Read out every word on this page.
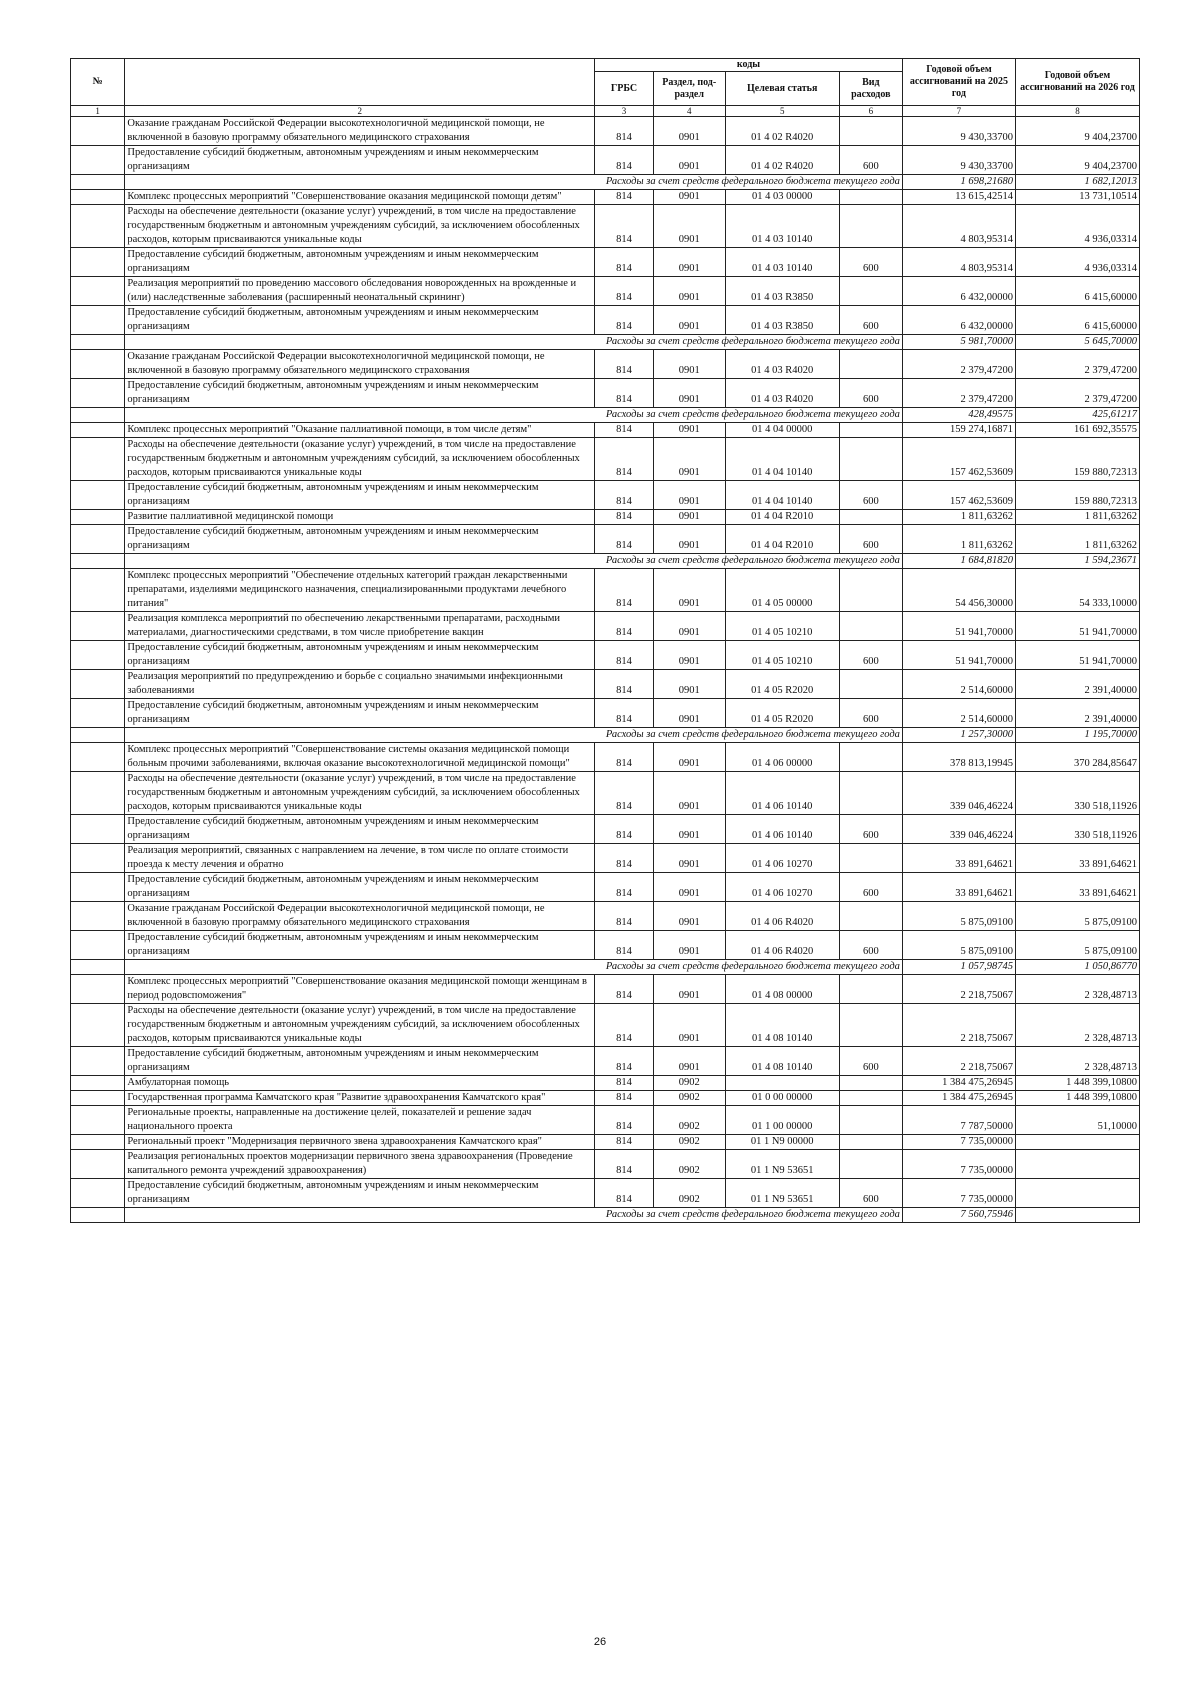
№		коды				Годовой объем ассигнований на 2025 год	Годовой объем ассигнований на 2026 год
		ГРБС	Раздел, под-раздел	Целевая статья	Вид расходов		
1	2	3	4	5	6	7	8
	Оказание гражданам Российской Федерации высокотехнологичной медицинской помощи, не включенной в базовую программу обязательного медицинского страхования	814	0901	01 4 02 R4020		9 430,33700	9 404,23700
	Предоставление субсидий бюджетным, автономным учреждениям и иным некоммерческим организациям	814	0901	01 4 02 R4020	600	9 430,33700	9 404,23700
	Расходы за счет средств федерального бюджета текущего года					1 698,21680	1 682,12013
	Комплекс процессных мероприятий "Совершенствование оказания медицинской помощи детям"	814	0901	01 4 03 00000		13 615,42514	13 731,10514
	Расходы на обеспечение деятельности (оказание услуг) учреждений, в том числе на предоставление государственным бюджетным и автономным учреждениям субсидий, за исключением обособленных расходов, которым присваиваются уникальные коды	814	0901	01 4 03 10140		4 803,95314	4 936,03314
	Предоставление субсидий бюджетным, автономным учреждениям и иным некоммерческим организациям	814	0901	01 4 03 10140	600	4 803,95314	4 936,03314
	Реализация мероприятий по проведению массового обследования новорожденных на врожденные и (или) наследственные заболевания (расширенный неонатальный скрининг)	814	0901	01 4 03 R3850		6 432,00000	6 415,60000
	Предоставление субсидий бюджетным, автономным учреждениям и иным некоммерческим организациям	814	0901	01 4 03 R3850	600	6 432,00000	6 415,60000
	Расходы за счет средств федерального бюджета текущего года					5 981,70000	5 645,70000
	Оказание гражданам Российской Федерации высокотехнологичной медицинской помощи, не включенной в базовую программу обязательного медицинского страхования	814	0901	01 4 03 R4020		2 379,47200	2 379,47200
	Предоставление субсидий бюджетным, автономным учреждениям и иным некоммерческим организациям	814	0901	01 4 03 R4020	600	2 379,47200	2 379,47200
	Расходы за счет средств федерального бюджета текущего года					428,49575	425,61217
	Комплекс процессных мероприятий "Оказание паллиативной помощи, в том числе детям"	814	0901	01 4 04 00000		159 274,16871	161 692,35575
	Расходы на обеспечение деятельности (оказание услуг) учреждений, в том числе на предоставление государственным бюджетным и автономным учреждениям субсидий, за исключением обособленных расходов, которым присваиваются уникальные коды	814	0901	01 4 04 10140		157 462,53609	159 880,72313
	Предоставление субсидий бюджетным, автономным учреждениям и иным некоммерческим организациям	814	0901	01 4 04 10140	600	157 462,53609	159 880,72313
	Развитие паллиативной медицинской помощи	814	0901	01 4 04 R2010		1 811,63262	1 811,63262
	Предоставление субсидий бюджетным, автономным учреждениям и иным некоммерческим организациям	814	0901	01 4 04 R2010	600	1 811,63262	1 811,63262
	Расходы за счет средств федерального бюджета текущего года					1 684,81820	1 594,23671
	Комплекс процессных мероприятий "Обеспечение отдельных категорий граждан лекарственными препаратами, изделиями медицинского назначения, специализированными продуктами лечебного питания"	814	0901	01 4 05 00000		54 456,30000	54 333,10000
	Реализация комплекса мероприятий по обеспечению лекарственными препаратами, расходными материалами, диагностическими средствами, в том числе приобретение вакцин	814	0901	01 4 05 10210		51 941,70000	51 941,70000
	Предоставление субсидий бюджетным, автономным учреждениям и иным некоммерческим организациям	814	0901	01 4 05 10210	600	51 941,70000	51 941,70000
	Реализация мероприятий по предупреждению и борьбе с социально значимыми инфекционными заболеваниями	814	0901	01 4 05 R2020		2 514,60000	2 391,40000
	Предоставление субсидий бюджетным, автономным учреждениям и иным некоммерческим организациям	814	0901	01 4 05 R2020	600	2 514,60000	2 391,40000
	Расходы за счет средств федерального бюджета текущего года					1 257,30000	1 195,70000
	Комплекс процессных мероприятий "Совершенствование системы оказания медицинской помощи больным прочими заболеваниями, включая оказание высокотехнологичной медицинской помощи"	814	0901	01 4 06 00000		378 813,19945	370 284,85647
	Расходы на обеспечение деятельности (оказание услуг) учреждений, в том числе на предоставление государственным бюджетным и автономным учреждениям субсидий, за исключением обособленных расходов, которым присваиваются уникальные коды	814	0901	01 4 06 10140		339 046,46224	330 518,11926
	Предоставление субсидий бюджетным, автономным учреждениям и иным некоммерческим организациям	814	0901	01 4 06 10140	600	339 046,46224	330 518,11926
	Реализация мероприятий, связанных с направлением на лечение, в том числе по оплате стоимости проезда к месту лечения и обратно	814	0901	01 4 06 10270		33 891,64621	33 891,64621
	Предоставление субсидий бюджетным, автономным учреждениям и иным некоммерческим организациям	814	0901	01 4 06 10270	600	33 891,64621	33 891,64621
	Оказание гражданам Российской Федерации высокотехнологичной медицинской помощи, не включенной в базовую программу обязательного медицинского страхования	814	0901	01 4 06 R4020		5 875,09100	5 875,09100
	Предоставление субсидий бюджетным, автономным учреждениям и иным некоммерческим организациям	814	0901	01 4 06 R4020	600	5 875,09100	5 875,09100
	Расходы за счет средств федерального бюджета текущего года					1 057,98745	1 050,86770
	Комплекс процессных мероприятий "Совершенствование оказания медицинской помощи женщинам в период родовспоможения"	814	0901	01 4 08 00000		2 218,75067	2 328,48713
	Расходы на обеспечение деятельности (оказание услуг) учреждений, в том числе на предоставление государственным бюджетным и автономным учреждениям субсидий, за исключением обособленных расходов, которым присваиваются уникальные коды	814	0901	01 4 08 10140		2 218,75067	2 328,48713
	Предоставление субсидий бюджетным, автономным учреждениям и иным некоммерческим организациям	814	0901	01 4 08 10140	600	2 218,75067	2 328,48713
	Амбулаторная помощь	814	0902			1 384 475,26945	1 448 399,10800
	Государственная программа Камчатского края "Развитие здравоохранения Камчатского края"	814	0902	01 0 00 00000		1 384 475,26945	1 448 399,10800
	Региональные проекты, направленные на достижение целей, показателей и решение задач национального проекта	814	0902	01 1 00 00000		7 787,50000	51,10000
	Региональный проект "Модернизация первичного звена здравоохранения Камчатского края"	814	0902	01 1 N9 00000		7 735,00000	
	Реализация региональных проектов модернизации первичного звена здравоохранения (Проведение капитального ремонта учреждений здравоохранения)	814	0902	01 1 N9 53651		7 735,00000	
	Предоставление субсидий бюджетным, автономным учреждениям и иным некоммерческим организациям	814	0902	01 1 N9 53651	600	7 735,00000	
	Расходы за счет средств федерального бюджета текущего года					7 560,75946	
26
